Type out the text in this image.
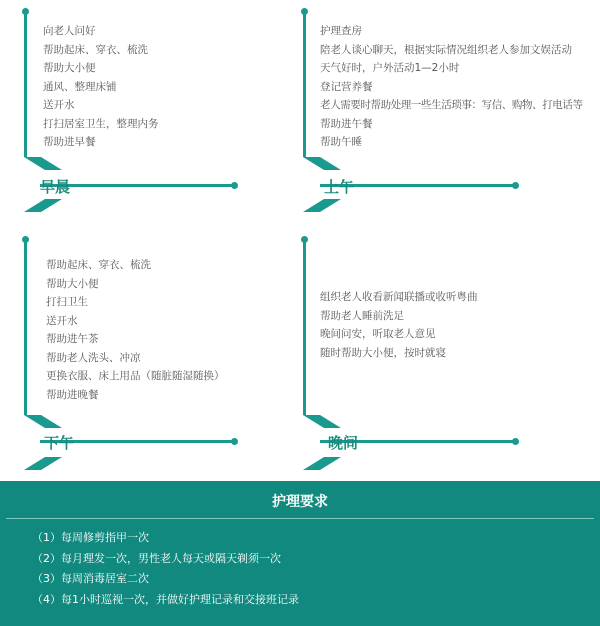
早晨
向老人问好
帮助起床、穿衣、梳洗
帮助大小便
通风、整理床铺
送开水
打扫居室卫生，整理内务
帮助进早餐
上午
护理查房
陪老人谈心聊天，根据实际情况组织老人参加文娱活动
天气好时，户外活动1—2小时
登记营养餐
老人需要时帮助处理一些生活琐事：写信、购物、打电话等
帮助进午餐
帮助午睡
下午
帮助起床、穿衣、梳洗
帮助大小便
打扫卫生
送开水
帮助进午茶
帮助老人洗头、冲凉
更换衣服、床上用品（随脏随湿随换）
帮助进晚餐
晚间
组织老人收看新闻联播或收听粤曲
帮助老人睡前洗足
晚间问安，听取老人意见
随时帮助大小便，按时就寝
护理要求
（1）每周修剪指甲一次
（2）每月理发一次，男性老人每天或隔天剃须一次
（3）每周消毒居室二次
（4）每1小时巡视一次，并做好护理记录和交接班记录
